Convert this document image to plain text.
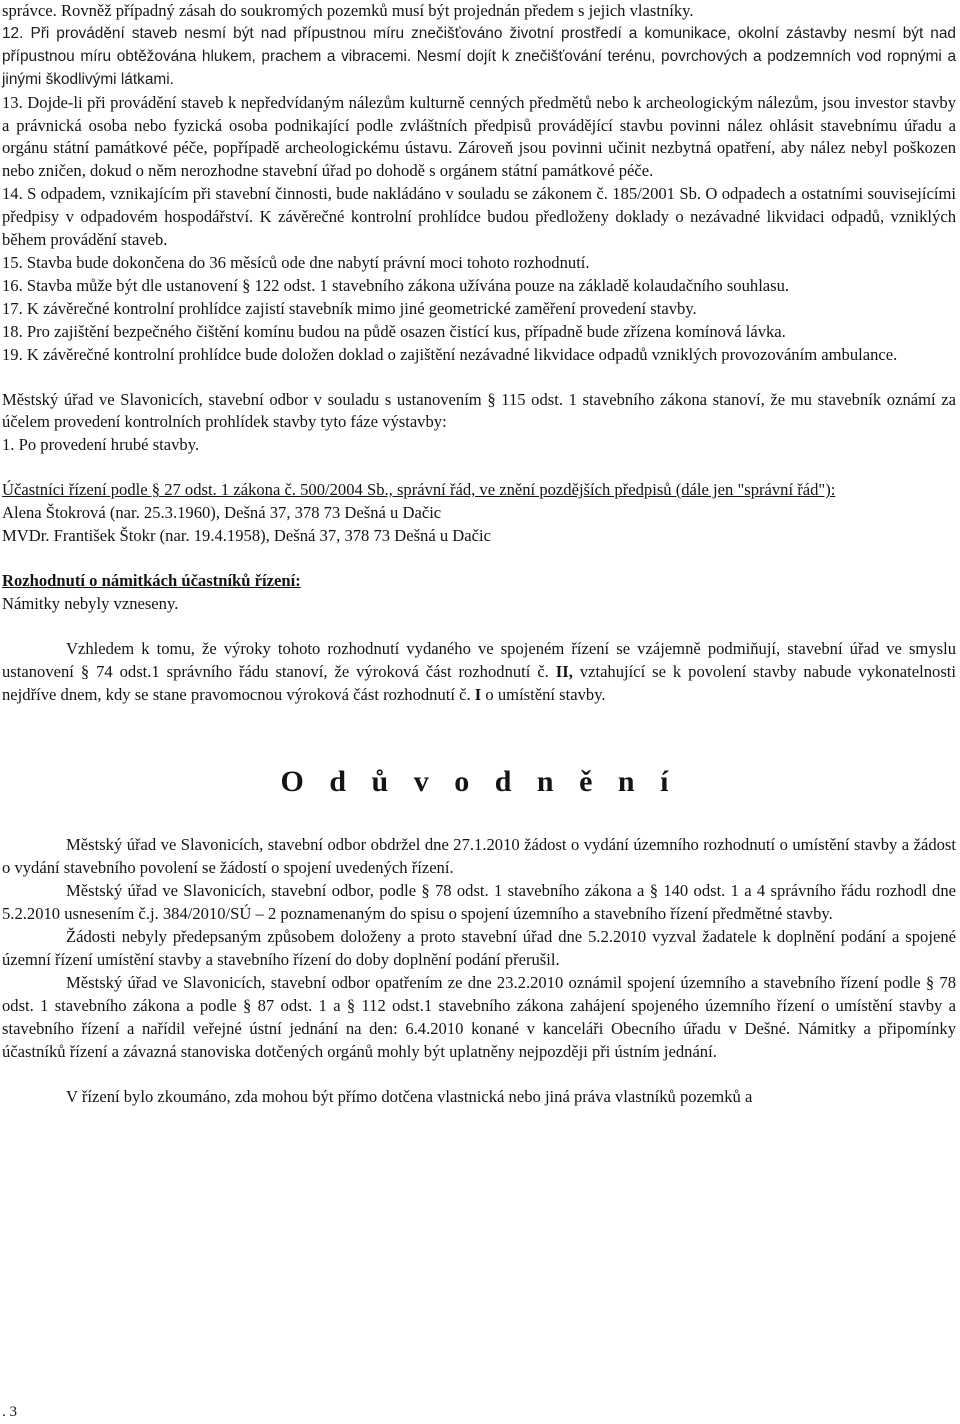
správce. Rovněž případný zásah do soukromých pozemků musí být projednán předem s jejich vlastníky.

12. Při provádění staveb nesmí být nad přípustnou míru znečišťováno životní prostředí a komunikace, okolní zástavby nesmí být nad přípustnou míru obtěžována hlukem, prachem a vibracemi. Nesmí dojít k znečišťování terénu, povrchových a podzemních vod ropnými a jinými škodlivými látkami.

13. Dojde-li při provádění staveb k nepředvídaným nálezům kulturně cenných předmětů nebo k archeologickým nálezům, jsou investor stavby a právnická osoba nebo fyzická osoba podnikající podle zvláštních předpisů provádějící stavbu povinni nález ohlásit stavebnímu úřadu a orgánu státní památkové péče, popřípadě archeologickému ústavu. Zároveň jsou povinni učinit nezbytná opatření, aby nález nebyl poškozen nebo zničen, dokud o něm nerozhodne stavební úřad po dohodě s orgánem státní památkové péče.

14. S odpadem, vznikajícím při stavební činnosti, bude nakládáno v souladu se zákonem č. 185/2001 Sb. O odpadech a ostatními souvisejícími předpisy v odpadovém hospodářství. K závěrečné kontrolní prohlídce budou předloženy doklady o nezávadné likvidaci odpadů, vzniklých během provádění staveb.

15. Stavba bude dokončena do 36 měsíců ode dne nabytí právní moci tohoto rozhodnutí.

16. Stavba může být dle ustanovení § 122 odst. 1 stavebního zákona užívána pouze na základě kolaudačního souhlasu.

17. K závěrečné kontrolní prohlídce zajistí stavebník mimo jiné geometrické zaměření provedení stavby.

18. Pro zajištění bezpečného čištění komínu budou na půdě osazen čistící kus, případně bude zřízena komínová lávka.

19. K závěrečné kontrolní prohlídce bude doložen doklad o zajištění nezávadné likvidace odpadů vzniklých provozováním ambulance.

Městský úřad ve Slavonicích, stavební odbor v souladu s ustanovením § 115 odst. 1 stavebního zákona stanoví, že mu stavebník oznámí za účelem provedení kontrolních prohlídek stavby tyto fáze výstavby:

1. Po provedení hrubé stavby.

Účastníci řízení podle § 27 odst. 1 zákona č. 500/2004 Sb., správní řád, ve znění pozdějších předpisů (dále jen "správní řád"):

Alena Štokrová (nar. 25.3.1960), Dešná 37, 378 73 Dešná u Dačic

MVDr. František Štokr (nar. 19.4.1958), Dešná 37, 378 73 Dešná u Dačic

Rozhodnutí o námitkách účastníků řízení:

Námitky nebyly vzneseny.

Vzhledem k tomu, že výroky tohoto rozhodnutí vydaného ve spojeném řízení se vzájemně podmiňují, stavební úřad ve smyslu ustanovení § 74 odst.1 správního řádu stanoví, že výroková část rozhodnutí č. II, vztahující se k povolení stavby nabude vykonatelnosti nejdříve dnem, kdy se stane pravomocnou výroková část rozhodnutí č. I o umístění stavby.

O d ů v o d n ě n í

Městský úřad ve Slavonicích, stavební odbor obdržel dne 27.1.2010 žádost o vydání územního rozhodnutí o umístění stavby a žádost o vydání stavebního povolení se žádostí o spojení uvedených řízení.

Městský úřad ve Slavonicích, stavební odbor, podle § 78 odst. 1 stavebního zákona a § 140 odst. 1 a 4 správního řádu rozhodl dne 5.2.2010 usnesením č.j. 384/2010/SÚ – 2 poznamenaným do spisu o spojení územního a stavebního řízení předmětné stavby.

Žádosti nebyly předepsaným způsobem doloženy a proto stavební úřad dne 5.2.2010 vyzval žadatele k doplnění podání a spojené územní řízení umístění stavby a stavebního řízení do doby doplnění podání přerušil.

Městský úřad ve Slavonicích, stavební odbor opatřením ze dne 23.2.2010 oznámil spojení územního a stavebního řízení podle § 78 odst. 1 stavebního zákona a podle § 87 odst. 1 a § 112 odst.1 stavebního zákona zahájení spojeného územního řízení o umístění stavby a stavebního řízení a nařídil veřejné ústní jednání na den: 6.4.2010 konané v kanceláři Obecního úřadu v Dešné. Námitky a připomínky účastníků řízení a závazná stanoviska dotčených orgánů mohly být uplatněny nejpozději při ústním jednání.

V řízení bylo zkoumáno, zda mohou být přímo dotčena vlastnická nebo jiná práva vlastníků pozemků a

. 3
